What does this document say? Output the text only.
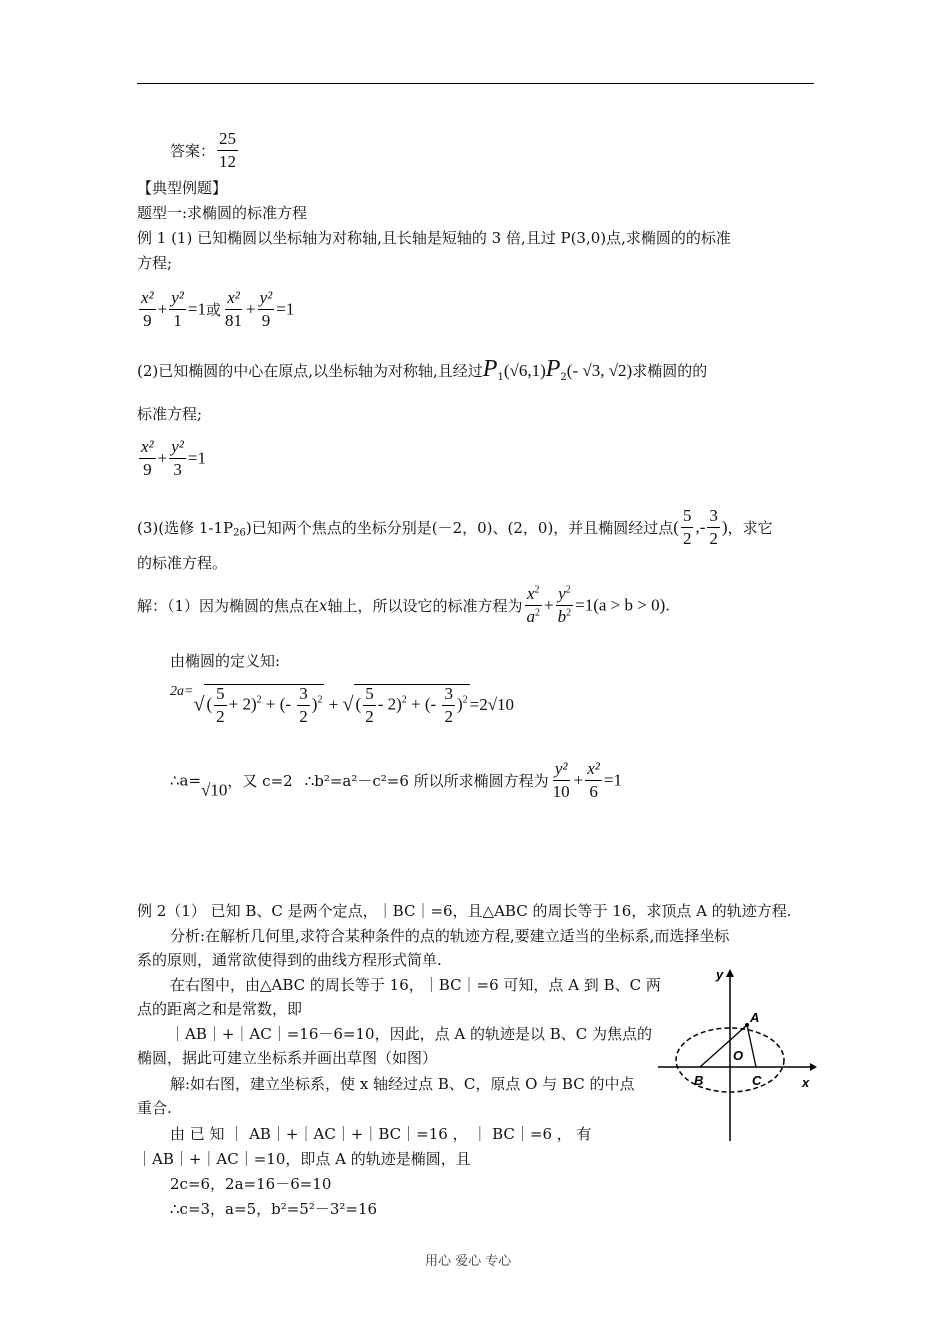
答案： $\frac{25}{12}$
【典型例题】
题型一:求椭圆的标准方程
例 1 (1) 已知椭圆以坐标轴为对称轴,且长轴是短轴的 3 倍,且过 P(3,0)点,求椭圆的的标准
方程;
$\frac{\text{x²}}{9} + \frac{\text{y²}}{1} =1$或 $\frac{\text{x²}}{81} + \frac{\text{y²}}{9} =1$
(2)已知椭圆的中心在原点,以坐标轴为对称轴,且经过$P_1(√6,1)P_2(-$ √3, √2)求椭圆的的
标准方程;
$\frac{\text{x²}}{9} + \frac{\text{y²}}{3} =1$
(3)(选修 $1-1P_{26}$)已知两个焦点的坐标分别是(－2，0)、(2，0)，并且椭圆经过点( $\frac{5}{2}$ ,- $\frac{3}{2}$ )，求它
的标准方程。
解：（1）因为椭圆的焦点在x轴上，所以设它的标准方程为 $\frac{x^2}{a^2} + \frac{y^2}{b^2} =1(a > b > 0)$.
由椭圆的定义知:
$^{2a=}$√ ( $\frac{5}{2} + 2)^2$ + (- $\frac{3}{2} )^2$ + √ ( $\frac{5}{2} - 2)^2$ + (- $\frac{3}{2} )^2 =2√10$
∴a=√10，又 c=2 ∴b²=a²－c²=6 所以所求椭圆方程为 $\frac{\text{y²}}{10} + \frac{\text{x²}}{6} =1$
例 2（1） 已知 B、C 是两个定点，｜BC｜=6，且△ABC 的周长等于 16，求顶点 A 的轨迹方程.
分析:在解析几何里,求符合某种条件的点的轨迹方程,要建立适当的坐标系,而选择坐标
系的原则，通常欲使得到的曲线方程形式简单.
在右图中，由△ABC 的周长等于 16，｜BC｜=6 可知，点 A 到 B、C 两
点的距离之和是常数，即
｜AB｜+｜AC｜=16－6=10，因此，点 A 的轨迹是以 B、C 为焦点的
椭圆，据此可建立坐标系并画出草图（如图）
解:如右图，建立坐标系，使 x 轴经过点 B、C，原点 O 与 BC 的中点
重合.
由 已 知 ｜ AB｜+｜AC｜+｜BC｜=16 ， ｜ BC｜=6 ， 有
｜AB｜+｜AC｜=10，即点 A 的轨迹是椭圆，且
2c=6，2a=16－6=10
∴c=3，a=5，b²=5²－3²=16
A
B	C
O
y
x
用心 爱心 专心
